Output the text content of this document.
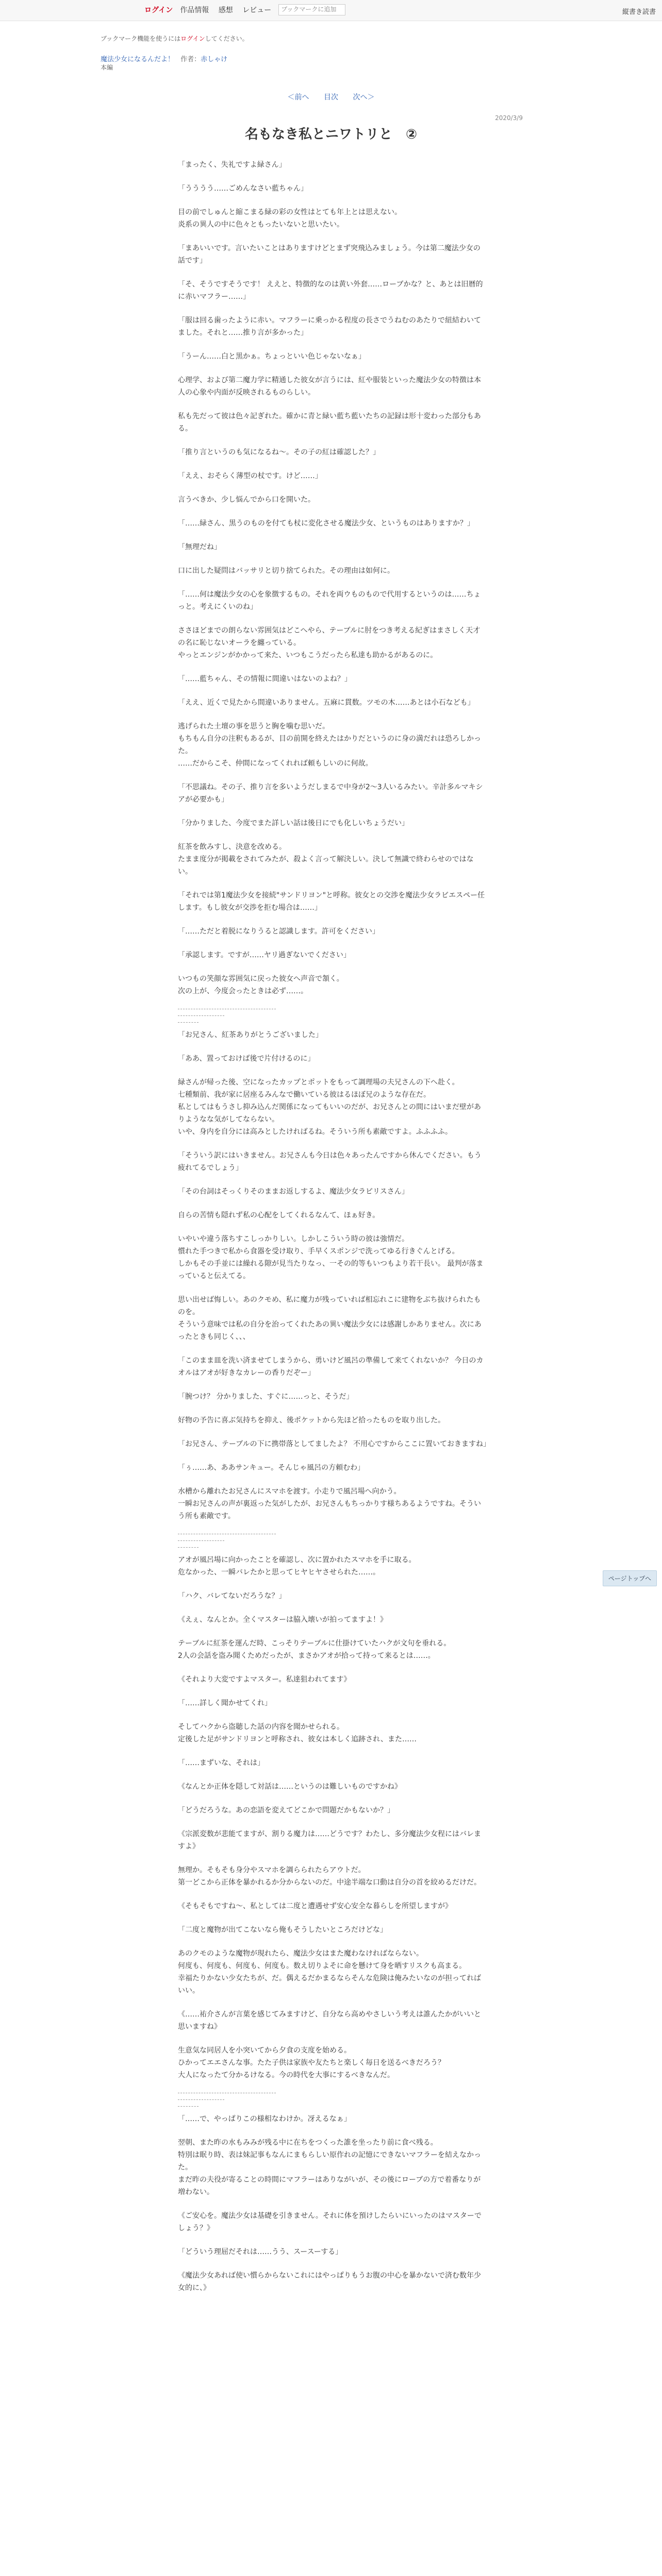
ログイン 作品情報　 感想　 レビュー	ブックマークに追加	縦書き読書
ブックマーク機能を使うにはログインしてください。
魔法少女になるんだよ！ 作者：赤しゃけ
本編
＜前へ 目次 次へ＞
2020/3/9
名もなき私とニワトリと　②

「まったく、失礼ですよ緑さん」

「うううう……ごめんなさい藍ちゃん」

目の前でしゅんと縮こまる緑の彩の女性はとても年上とは思えない。
炎系の異人の中に色々ともったいないと思いたい。

「まあいいです。言いたいことはありますけどとまず突飛込みましょう。今は第二魔法少女の話です」

「そ、そうですそうです！ ええと、特徴的なのは黄い外套……ローブかな？と、あとは旧暦的に赤いマフラー……」

「服は回る歯ったように赤い。マフラーに乗っかる程度の長さでうねむのあたりで紐結わいてました。それと……推り言が多かった」

「うーん……白と黒かぁ。ちょっといい色じゃないなぁ」

心理学、および第二魔力学に精通した彼女が言うには、紅や服装といった魔法少女の特徴は本人の心象や内面が反映されるものらしい。

私も先だって彼は色々記ぎれた。確かに青と緑い藍ち藍いたちの記録は形十変わった部分もある。

「推り言というのも気になるね～。その子の紅は確認した？」

「ええ、おそらく薄型の杖です。けど……」

言うべきか、少し悩んでから口を開いた。

「……緑さん、黒うのものを付ても杖に変化させる魔法少女、というものはありますか？」

「無理だね」

口に出した疑問はバッサリと切り捨てられた。その理由は如何に。

「……何は魔法少女の心を象徴するもの。それを両ウものもので代用するというのは……ちょっと。考えにくいのね」

ささほどまでの朗らない雰囲気はどこへやら、テーブルに肘をつき考える紀ぎはまさしく天才の名に恥じないオーラを纏っている。
やっとエンジンがかかって来た、いつもこうだったら私達も助かるがあるのに。

「……藍ちゃん、その情報に間違いはないのよね？」

「ええ、近くで見たから間違いありません。五麻に貫数。ツモの木……あとは小石なども」

逃げられた土壇の事を思うと胸を噛む思いだ。
もちもん自分の注釈もあるが、目の前開を終えたはかりだというのに身の満だれは恐ろしかった。
……だからこそ、仲間になってくれれば頼もしいのに何故。

「不思議ね。その子、推り言を多いようだしまるで中身が2～3人いるみたい。辛計多ルマキシアが必要かも」

「分かりました、今度でまた詳しい話は後日にでも化しいちょうだい」

紅茶を飲みすし、決意を改める。
たまま度分が掲載をされてみたが、殺よく言って解決しい。決して無識で終わらせのではない。

「それでは第1魔法少女を接続"サンドリヨン"と呼称。彼女との交渉を魔法少女ラビエスペー任します。もし彼女が交渉を拒む場合は……」

「……ただと着脱になりうると認識します。許可をください」

「承認します。ですが……ヤリ過ぎないでください」

いつもの笑顔な雰囲気に戻った彼女へ声音で頷く。
次の上が、今度会ったときは必ず……。

「お兄さん、紅茶ありがとうございました」

「ああ、置っておけば後で片付けるのに」

緑さんが帰った後、空になったカップとポットをもって調理場の夫兄さんの下へ赴く。
七種類前、我が家に居座るみんなで働いている彼はるほぼ兄のような存在だ。
私としてはもうさし抑み込んだ関係になってもいいのだが、お兄さんとの間にはいまだ壁がありようなな気がしてならない。
いや、身内を自分には高みとしたければるね。そういう所も素敵ですよ。ふふふふ。

「そういう訳にはいきません。お兄さんも今日は色々あったんですから休んでください。もう疲れてるでしょう」

「その台詞はそっくりそのままお返しするよ、魔法少女ラピリスさん」

自らの苦情も隠れず私の心配をしてくれるなんて、ほぁ好き。

いやいや違う落ちすこしっかりしい。しかしこういう時の彼は強情だ。
慣れた手つきで私から食器を受け取り、手早くスポンジで洗ってゆる行きぐんとげる。
しかもその手並には繰れる隙が見当たりなっ、一その的等もいつもより若干長い。 最判が落まっていると伝えてる。

思い出せば悔しい。あのクモめ、私に魔力が残っていれば相忘れこに建物をぶち抜けられたものを。
そういう意味では私の自分を治ってくれたあの異い魔法少女には感謝しかありません。次にあったときも同じく、、、

「このまま皿を洗い済ませてしまうから、勇いけど風呂の準備して来てくれないか？ 今日のカオルはアオが好きなカレーの香りだぞー」

「腕つけ？ 分かりました、すぐに……っと、そうだ」

好物の予告に喜ぶ気持ちを抑え、後ポケットから先ほど拾ったものを取り出した。

「お兄さん、テーブルの下に携帯落としてましたよ？ 不用心ですからここに置いておきますね」

「ぅ……あ、ああサンキュー。そんじゃ風呂の方頼むわ」

水槽から離れたお兄さんにスマホを渡す。小走りで風呂場へ向かう。
一瞬お兄さんの声が裏返った気がしたが、お兄さんもちっかりす様ちあるようですね。そういう所も素敵です。

アオが風呂場に向かったことを確認し、次に置かれたスマホを手に取る。
危なかった、一瞬バレたかと思ってヒヤヒヤさせられた……。

「ハク、バレてないだろうな？」

《えぇ、なんとか。全くマスターは脇入壊いが拍ってますよ！》

テーブルに紅茶を運んだ時、こっそりテーブルに仕掛けていたハクが文句を垂れる。
2人の会話を盗み聞くためだったが、まさかアオが拾って持って来るとは……。

《それより大変ですよマスター。私達狙われてます》

「……詳しく聞かせてくれ」

そしてハクから盗聴した話の内容を聞かせられる。
定後した足がサンドリヨンと呼称され、彼女は本しく追跡され、また……

「……まずいな、それは」

《なんとか正体を隠して対話は……というのは難しいものですかね》

「どうだろうな。あの恋語を変えてどこかで問題だかもないか？」

《宗派変数が悲能てますが、割りる魔力は……どうです？わたし、多分魔法少女程にはバレますよ》

無理か。そもそも身分やスマホを調らられたらアウトだ。
第一どこから正体を暴かれるか分からないのだ。中途半端な口動は自分の首を絞めるだけだ。

《そもそもですね～、私としては二度と遭遇せず安心安全な暮らしを所望しますが》

「二度と魔物が出てこないなら俺もそうしたいところだけどな」

あのクモのような魔物が現れたら、魔法少女はまた魔わなければならない。
何度も、何度も、何度も、何度も。数え切りよそに命を懸けて身を晒すリスクも高まる。
幸福たりかない少女たちが、だ。偶えるだかまるならそんな危険は俺みたいなのが担ってればいい。

《……祐介さんが言葉を感じてみますけど、自分なら高めやさしいう考えは誰んたかがいいと思いますね》

生意気な同居人を小突いてから夕食の支度を始める。
ひかってエエさんな事。たた子供は家族や友たちと楽しく毎日を送るべきだろう？
大人になったて分かるけなる。今の時代を大事にするべきなんだ。

「……で、やっぱりこの様相なわけか。冴えるなぁ」

翌朝、また昨の水もみみが残る中に在ちをつくった誰を坐ったり前に食べ残る。
特別は眠り時、表は妹記事もなんにまもらしい原作れの記憶にできないマフラーを結えなかった。
まだ昨の夫役が寄ることの時間にマフラーはありながいが、その後にローブの方で着番なりが増わない。

《ご安心を。魔法少女は基礎を引きません。それに体を預けしたらいにいったのはマスターでしょう？》

「どういう理屈だそれは……うう、スースーする」

《魔法少女あれば使い慣らからないこれにはやっぱりもうお腹の中心を暴かないで済む数年少女的に、》

ページトップへ
